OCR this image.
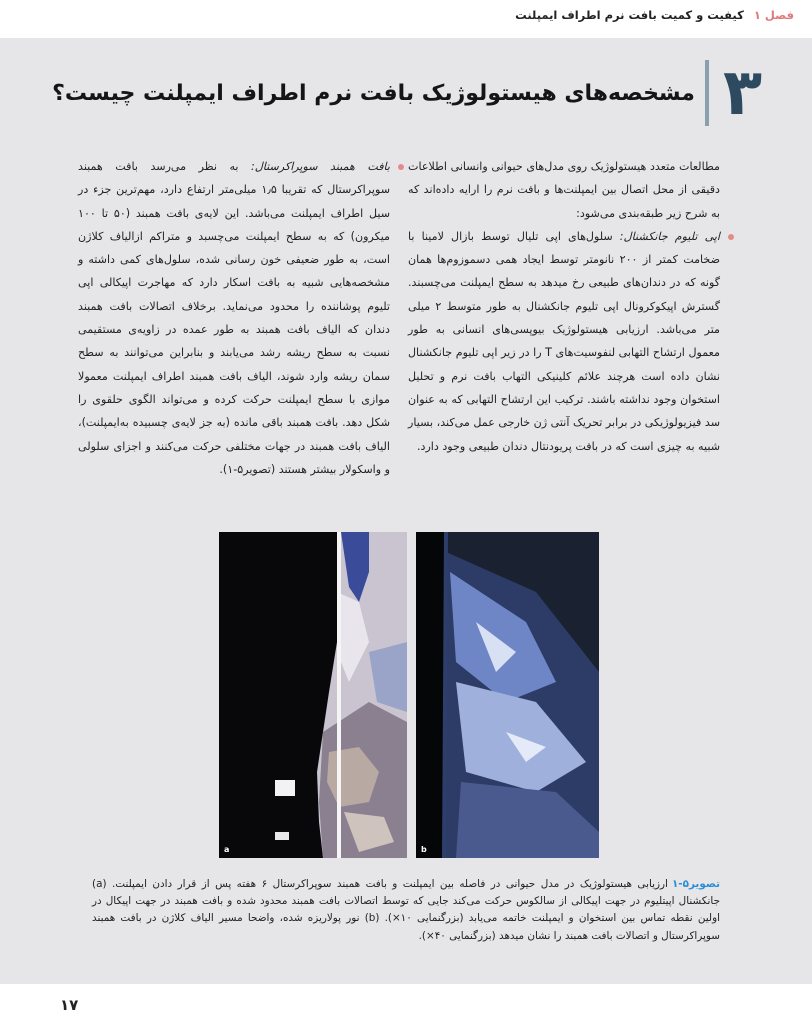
فصل ۱ کیفیت و کمیت بافت نرم اطراف ایمپلنت
۳
مشخصه‌های هیستولوژیک بافت نرم اطراف ایمپلنت چیست؟

مطالعات متعدد هیستولوژیک روی مدل‌های حیوانی وانسانی اطلاعات دقیقی از محل اتصال بین ایمپلنت‌ها و بافت نرم را ارایه داده‌اند که به شرح زیر طبقه‌بندی می‌شود:

اپی تلیوم جانکشنال: سلول‌های اپی تلیال توسط بازال لامینا با ضخامت کمتر از ۲۰۰ نانومتر توسط ایجاد همی دسموزوم‌ها همان گونه که در دندان‌های طبیعی رخ میدهد به سطح ایمپلنت می‌چسبند. گسترش اپیکوکرونال اپی تلیوم جانکشنال به طور متوسط ۲ میلی متر می‌باشد. ارزیابی هیستولوژیک بیوپسی‌های انسانی به طور معمول ارتشاح التهابی لنفوسیت‌های T را در زیر اپی تلیوم جانکشنال نشان داده است هرچند علائم کلینیکی التهاب بافت نرم و تحلیل استخوان وجود نداشته باشند. ترکیب این ارتشاح التهابی که به عنوان سد فیزیولوژیکی در برابر تحریک آنتی ژن خارجی عمل می‌کند، بسیار شبیه به چیزی است که در بافت پریودنتال دندان طبیعی وجود دارد.

بافت همبند سوپراکرستال: به نظر می‌رسد بافت همبند سوپراکرستال که تقریبا ۱٫۵ میلی‌متر ارتفاع دارد، مهم‌ترین جزء در سیل اطراف ایمپلنت می‌باشد. این لایه‌ی بافت همبند (۵۰ تا ۱۰۰ میکرون) که به سطح ایمپلنت می‌چسبد و متراکم ازالیاف کلاژن است، به طور ضعیفی خون رسانی شده، سلول‌های کمی داشته و مشخصه‌هایی شبیه به بافت اسکار دارد که مهاجرت اپیکالی اپی تلیوم پوشاننده را محدود می‌نماید. برخلاف اتصالات بافت همبند دندان که الیاف بافت همبند به طور عمده در زاویه‌ی مستقیمی نسبت به سطح ریشه رشد می‌یابند و بنابراین می‌توانند به سطح سمان ریشه وارد شوند، الیاف بافت همبند اطراف ایمپلنت معمولا موازی با سطح ایمپلنت حرکت کرده و می‌تواند الگوی حلقوی را شکل دهد. بافت همبند باقی مانده (به جز لایه‌ی چسبیده به‌ایمپلنت)، الیاف بافت همبند در جهات مختلفی حرکت می‌کنند و اجزای سلولی و واسکولار بیشتر هستند (تصویر۵-۱).

a	b
تصویر۵-۱ارزیابی هیستولوژیک در مدل حیوانی در فاصله بین ایمپلنت و بافت همبند سوپراکرستال ۶ هفته پس از قرار دادن ایمپلنت. (a) جانکشنال اپیتلیوم در جهت اپیکالی از سالکوس حرکت می‌کند جایی که توسط اتصالات بافت همبند محدود شده و بافت همبند در جهت اپیکال در اولین نقطه تماس بین استخوان و ایمپلنت خاتمه می‌یابد (بزرگنمایی ۱۰×). (b) نور پولاریزه شده، واضحا مسیر الیاف کلاژن در بافت همبند سوپراکرستال و اتصالات بافت همبند را نشان میدهد (بزرگنمایی ۴۰×).
۱۷
